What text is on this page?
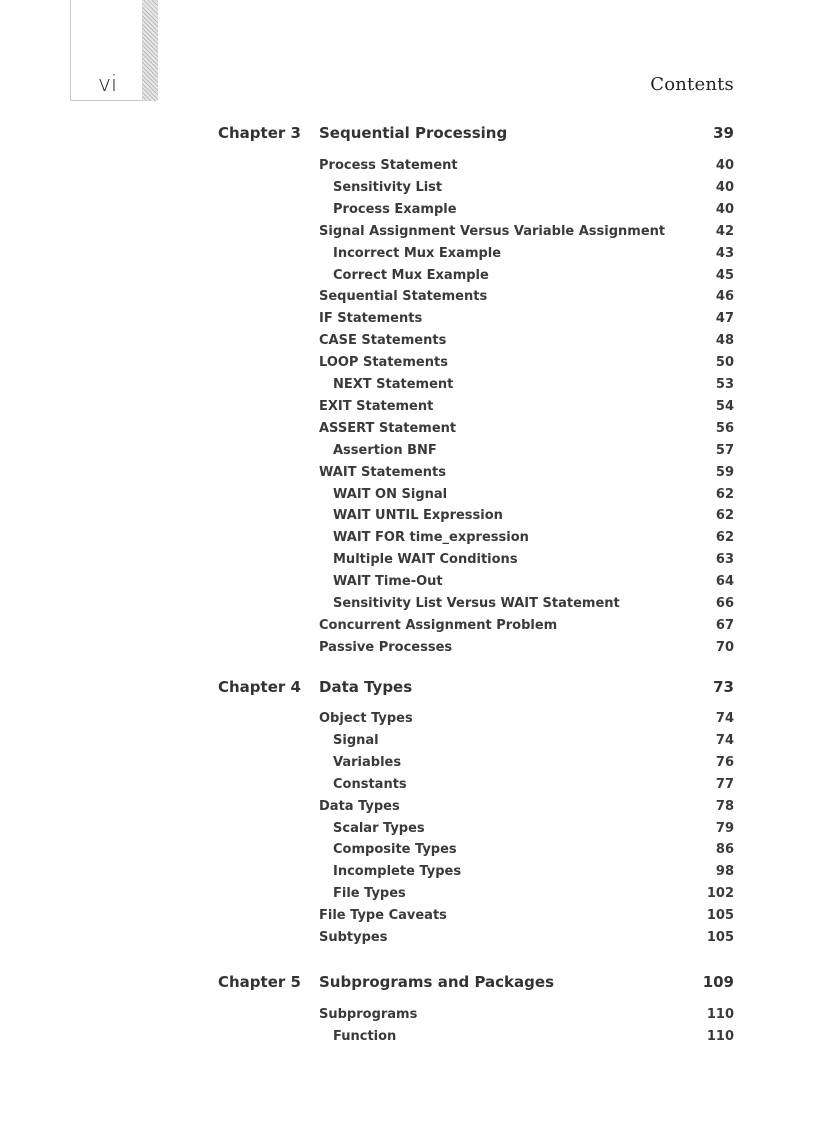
vi	Contents
Chapter 3 Sequential Processing	39
Process Statement	40
Sensitivity List	40
Process Example	40
Signal Assignment Versus Variable Assignment	42
Incorrect Mux Example	43
Correct Mux Example	45
Sequential Statements	46
IF Statements	47
CASE Statements	48
LOOP Statements	50
NEXT Statement	53
EXIT Statement	54
ASSERT Statement	56
Assertion BNF	57
WAIT Statements	59
WAIT ON Signal	62
WAIT UNTIL Expression	62
WAIT FOR time_expression	62
Multiple WAIT Conditions	63
WAIT Time-Out	64
Sensitivity List Versus WAIT Statement	66
Concurrent Assignment Problem	67
Passive Processes	70
Chapter 4 Data Types	73
Object Types	74
Signal	74
Variables	76
Constants	77
Data Types	78
Scalar Types	79
Composite Types	86
Incomplete Types	98
File Types	102
File Type Caveats	105
Subtypes	105
Chapter 5 Subprograms and Packages	109
Subprograms	110
Function	110
